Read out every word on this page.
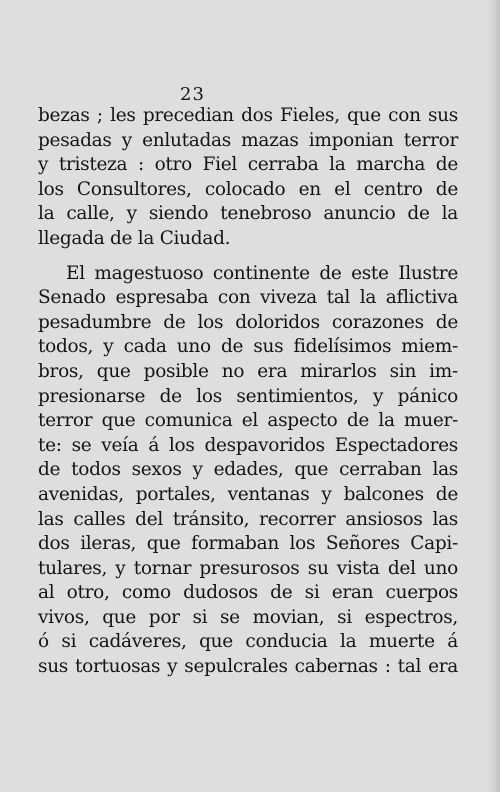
23
bezas ; les precedian dos Fieles, que con sus
pesadas y enlutadas mazas imponian terror
y tristeza : otro Fiel cerraba la marcha de
los Consultores, colocado en el centro de
la calle, y siendo tenebroso anuncio de la
llegada de la Ciudad.
El magestuoso continente de este Ilustre
Senado espresaba con viveza tal la aflictiva
pesadumbre de los doloridos corazones de
todos, y cada uno de sus fidelísimos miem-
bros, que posible no era mirarlos sin im-
presionarse de los sentimientos, y pánico
terror que comunica el aspecto de la muer-
te: se veía á los despavoridos Espectadores
de todos sexos y edades, que cerraban las
avenidas, portales, ventanas y balcones de
las calles del tránsito, recorrer ansiosos las
dos ileras, que formaban los Señores Capi-
tulares, y tornar presurosos su vista del uno
al otro, como dudosos de si eran cuerpos
vivos, que por si se movian, si espectros,
ó si cadáveres, que conducia la muerte á
sus tortuosas y sepulcrales cabernas : tal era
